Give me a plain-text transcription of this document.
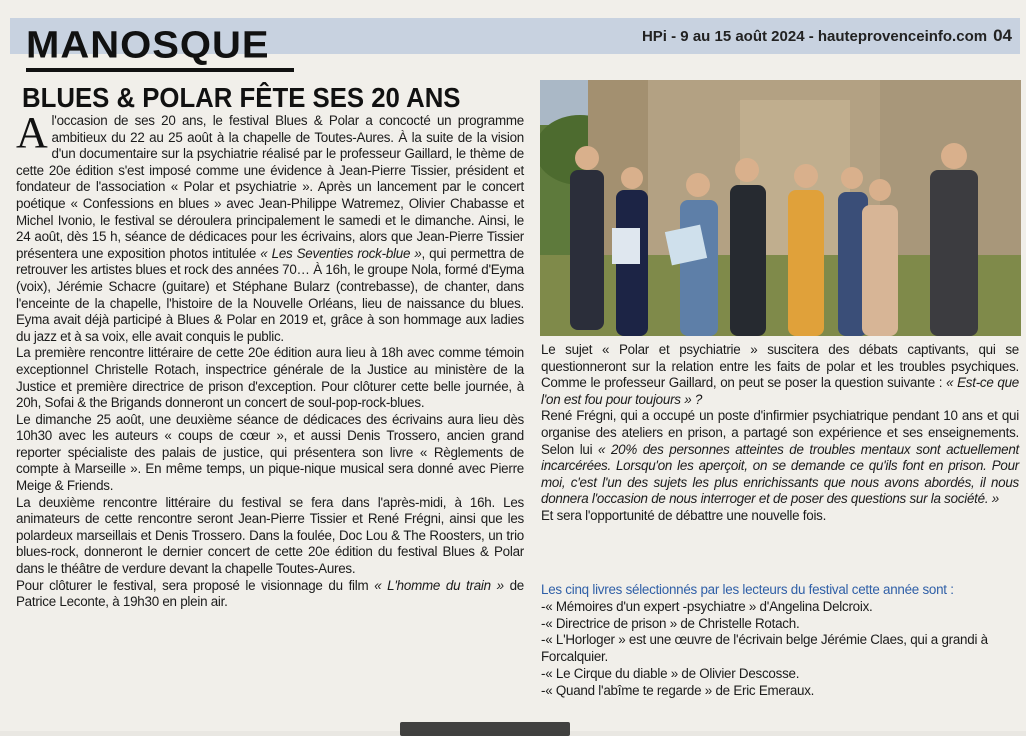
MANOSQUE	HPi - 9 au 15 août 2024 - hauteprovenceinfo.com 04
BLUES & POLAR FÊTE SES 20 ANS

Al'occasion de ses 20 ans, le festival Blues & Polar a concocté un programme ambitieux du 22 au 25 août à la chapelle de Toutes-Aures. À la suite de la vision d'un documentaire sur la psychiatrie réalisé par le professeur Gaillard, le thème de cette 20e édition s'est imposé comme une évidence à Jean-Pierre Tissier, président et fondateur de l'association « Polar et psychiatrie ». Après un lancement par le concert poétique « Confessions en blues » avec Jean-Philippe Watremez, Olivier Chabasse et Michel Ivonio, le festival se déroulera principalement le samedi et le dimanche. Ainsi, le 24 août, dès 15 h, séance de dédicaces pour les écrivains, alors que Jean-Pierre Tissier présentera une exposition photos intitulée « Les Seventies rock-blue », qui permettra de retrouver les artistes blues et rock des années 70… À 16h, le groupe Nola, formé d'Eyma (voix), Jérémie Schacre (guitare) et Stéphane Bularz (contrebasse), de chanter, dans l'enceinte de la chapelle, l'histoire de la Nouvelle Orléans, lieu de naissance du blues. Eyma avait déjà participé à Blues & Polar en 2019 et, grâce à son hommage aux ladies du jazz et à sa voix, elle avait conquis le public.

La première rencontre littéraire de cette 20e édition aura lieu à 18h avec comme témoin exceptionnel Christelle Rotach, inspectrice générale de la Justice au ministère de la Justice et première directrice de prison d'exception. Pour clôturer cette belle journée, à 20h, Sofai & the Brigands donneront un concert de soul-pop-rock-blues.

Le dimanche 25 août, une deuxième séance de dédicaces des écrivains aura lieu dès 10h30 avec les auteurs « coups de cœur », et aussi Denis Trossero, ancien grand reporter spécialiste des palais de justice, qui présentera son livre « Règlements de compte à Marseille ». En même temps, un pique-nique musical sera donné avec Pierre Meige & Friends.

La deuxième rencontre littéraire du festival se fera dans l'après-midi, à 16h. Les animateurs de cette rencontre seront Jean-Pierre Tissier et René Frégni, ainsi que les polardeux marseillais et Denis Trossero. Dans la foulée, Doc Lou & The Roosters, un trio blues-rock, donneront le dernier concert de cette 20e édition du festival Blues & Polar dans le théâtre de verdure devant la chapelle Toutes-Aures.

Pour clôturer le festival, sera proposé le visionnage du film « L'homme du train » de Patrice Leconte, à 19h30 en plein air.

Le sujet « Polar et psychiatrie » suscitera des débats captivants, qui se questionneront sur la relation entre les faits de polar et les troubles psychiques. Comme le professeur Gaillard, on peut se poser la question suivante : « Est-ce que l'on est fou pour toujours » ?

René Frégni, qui a occupé un poste d'infirmier psychiatrique pendant 10 ans et qui organise des ateliers en prison, a partagé son expérience et ses enseignements. Selon lui « 20% des personnes atteintes de troubles mentaux sont actuellement incarcérées. Lorsqu'on les aperçoit, on se demande ce qu'ils font en prison. Pour moi, c'est l'un des sujets les plus enrichissants que nous avons abordés, il nous donnera l'occasion de nous interroger et de poser des questions sur la société. »

Et sera l'opportunité de débattre une nouvelle fois.

Les cinq livres sélectionnés par les lecteurs du festival cette année sont :
-« Mémoires d'un expert -psychiatre » d'Angelina Delcroix.
-« Directrice de prison » de Christelle Rotach.
-« L'Horloger » est une œuvre de l'écrivain belge Jérémie Claes, qui a grandi à Forcalquier.
-« Le Cirque du diable » de Olivier Descosse.
-« Quand l'abîme te regarde » de Eric Emeraux.
